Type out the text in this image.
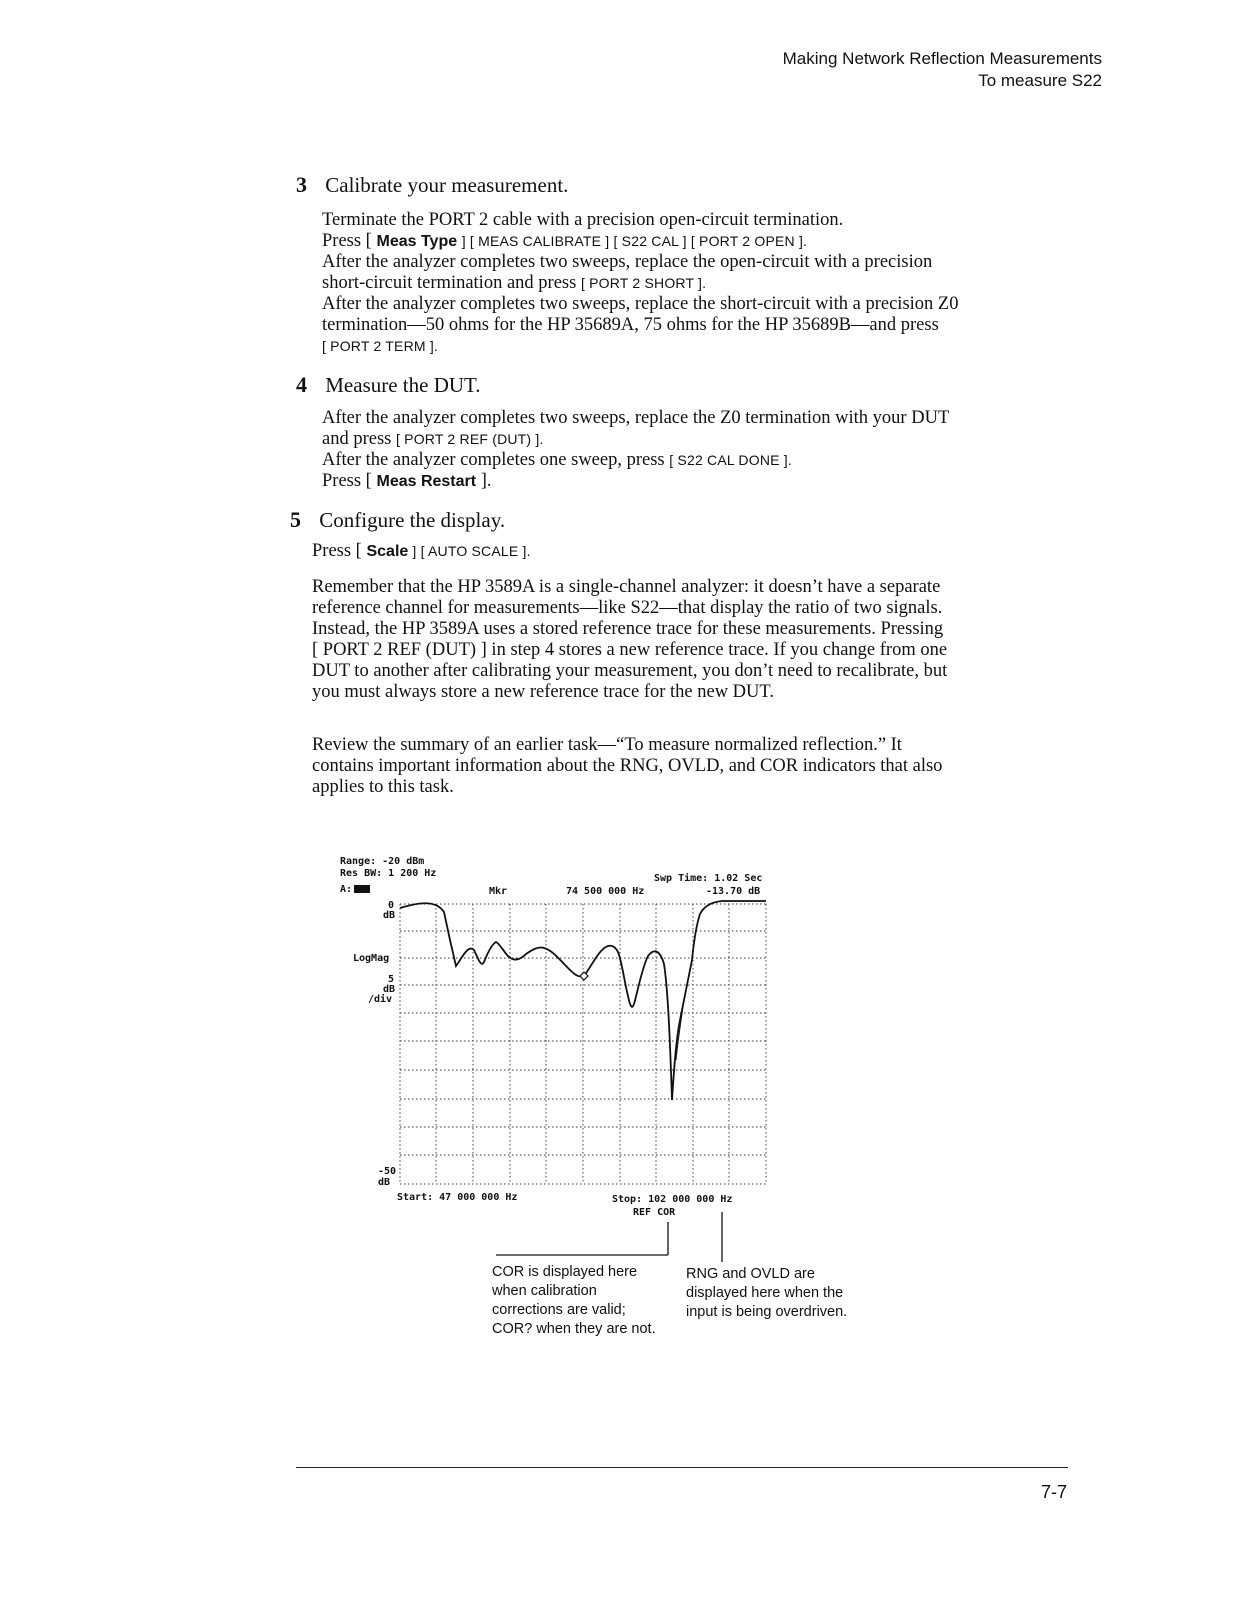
Making Network Reflection Measurements
To measure S22
3 Calibrate your measurement.
Terminate the PORT 2 cable with a precision open-circuit termination.
Press [ Meas Type ] [ MEAS CALIBRATE ] [ S22 CAL ] [ PORT 2 OPEN ].
After the analyzer completes two sweeps, replace the open-circuit with a precision
short-circuit termination and press [ PORT 2 SHORT ].
After the analyzer completes two sweeps, replace the short-circuit with a precision Z0
termination—50 ohms for the HP 35689A, 75 ohms for the HP 35689B—and press
[ PORT 2 TERM ].
4 Measure the DUT.
After the analyzer completes two sweeps, replace the Z0 termination with your DUT
and press [ PORT 2 REF (DUT) ].
After the analyzer completes one sweep, press [ S22 CAL DONE ].
Press [ Meas Restart ].
5 Configure the display.
Press [ Scale ] [ AUTO SCALE ].
Remember that the HP 3589A is a single-channel analyzer: it doesn’t have a separate
reference channel for measurements—like S22—that display the ratio of two signals.
Instead, the HP 3589A uses a stored reference trace for these measurements. Pressing
[ PORT 2 REF (DUT) ] in step 4 stores a new reference trace. If you change from one
DUT to another after calibrating your measurement, you don’t need to recalibrate, but
you must always store a new reference trace for the new DUT.
Review the summary of an earlier task—“To measure normalized reflection.” It
contains important information about the RNG, OVLD, and COR indicators that also
applies to this task.
Range: -20 dBm
Res BW: 1 200 Hz	Swp Time: 1.02 Sec
A:	Mkr	74 500 000 Hz	-13.70 dB
0
dB
LogMag
5
dB
/div
-50
dB
Start: 47 000 000 Hz	Stop: 102 000 000 Hz
REF COR
COR is displayed here
when calibration
corrections are valid;
COR? when they are not.
RNG and OVLD are
displayed here when the
input is being overdriven.
7-7
